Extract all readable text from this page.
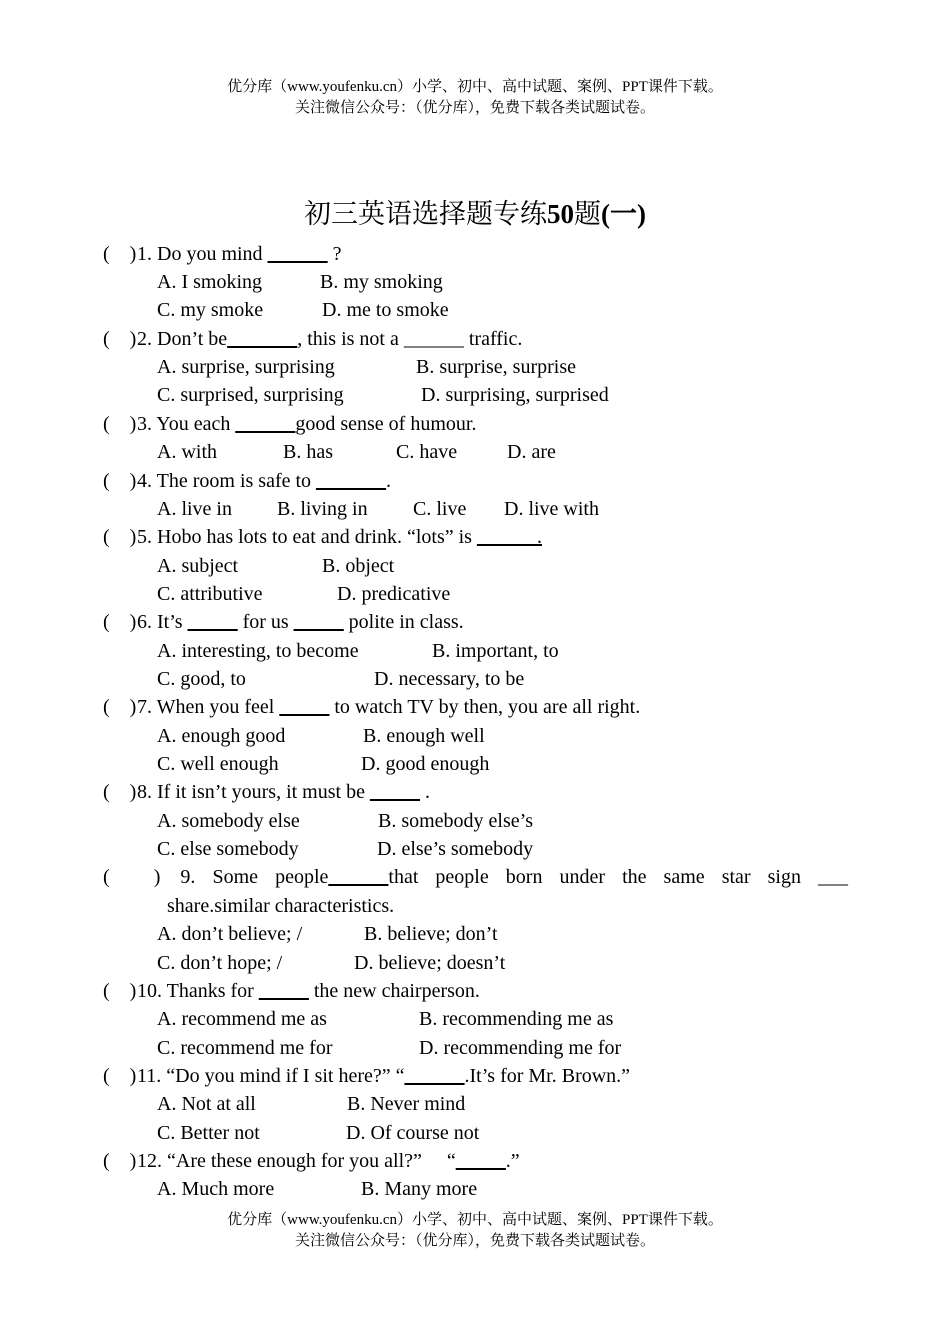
优分库（www.youfenku.cn）小学、初中、高中试题、案例、PPT课件下载。
关注微信公众号：（优分库），免费下载各类试题试卷。
初三英语选择题专练50题(一)
(　)1. Do you mind ______ ?
A. I smoking	B. my smoking
C. my smoke	D. me to smoke
(　)2. Don’t be_______, this is not a ______ traffic.
A. surprise, surprising	B. surprise, surprise
C. surprised, surprising	D. surprising, surprised
(　)3. You each ______good sense of humour.
A. with	B. has	C. have D. are
(　)4. The room is safe to _______.
A. live in B. living in C. live D. live with
(　)5. Hobo has lots to eat and drink. “lots” is ______.
A. subject	B. object
C. attributive	D. predicative
(　)6. It’s _____ for us _____ polite in class.
A. interesting, to become	B. important, to
C. good, to	D. necessary, to be
(　)7. When you feel _____ to watch TV by then, you are all right.
A. enough good	B. enough well
C. well enough	D. good enough
(　)8. If it isn’t yours, it must be _____ .
A. somebody else	B. somebody else’s
C. else somebody	D. else’s somebody
(　)  9. Some people______that people born under the same star sign ___
share.similar characteristics.
A. don’t believe; /	B. believe; don’t
C. don’t hope; /	D. believe; doesn’t
(　)10. Thanks for _____ the new chairperson.
A. recommend me as	B. recommending me as
C. recommend me for	D. recommending me for
(　)11. “Do you mind if I sit here?” “______.It’s for Mr. Brown.”
A. Not at all	B. Never mind
C. Better not	D. Of course not
(　)12. “Are these enough for you all?”     “_____.”
A. Much more	B. Many more
优分库（www.youfenku.cn）小学、初中、高中试题、案例、PPT课件下载。
关注微信公众号：（优分库），免费下载各类试题试卷。
